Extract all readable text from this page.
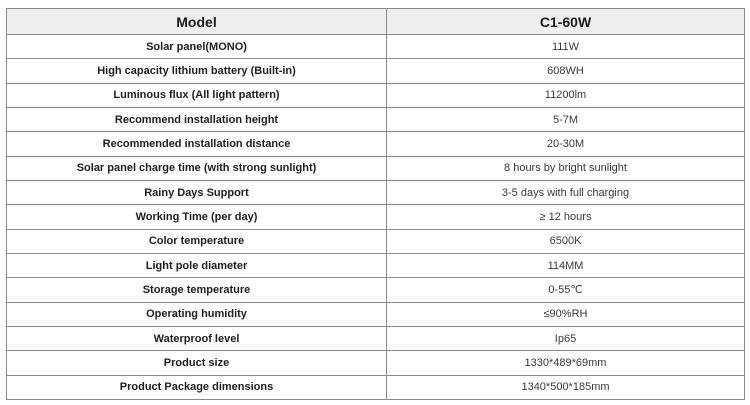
Model	C1-60W
Solar panel(MONO)	111W
High capacity lithium battery (Built-in)	608WH
Luminous flux (All light pattern)	11200lm
Recommend installation height	5-7M
Recommended installation distance	20-30M
Solar panel charge time (with strong sunlight)	8 hours by bright sunlight
Rainy Days Support	3-5 days with full charging
Working Time (per day)	≥ 12 hours
Color temperature	6500K
Light pole diameter	114MM
Storage temperature	0-55℃
Operating humidity	≤90%RH
Waterproof level	Ip65
Product size	1330*489*69mm
Product Package dimensions	1340*500*185mm
